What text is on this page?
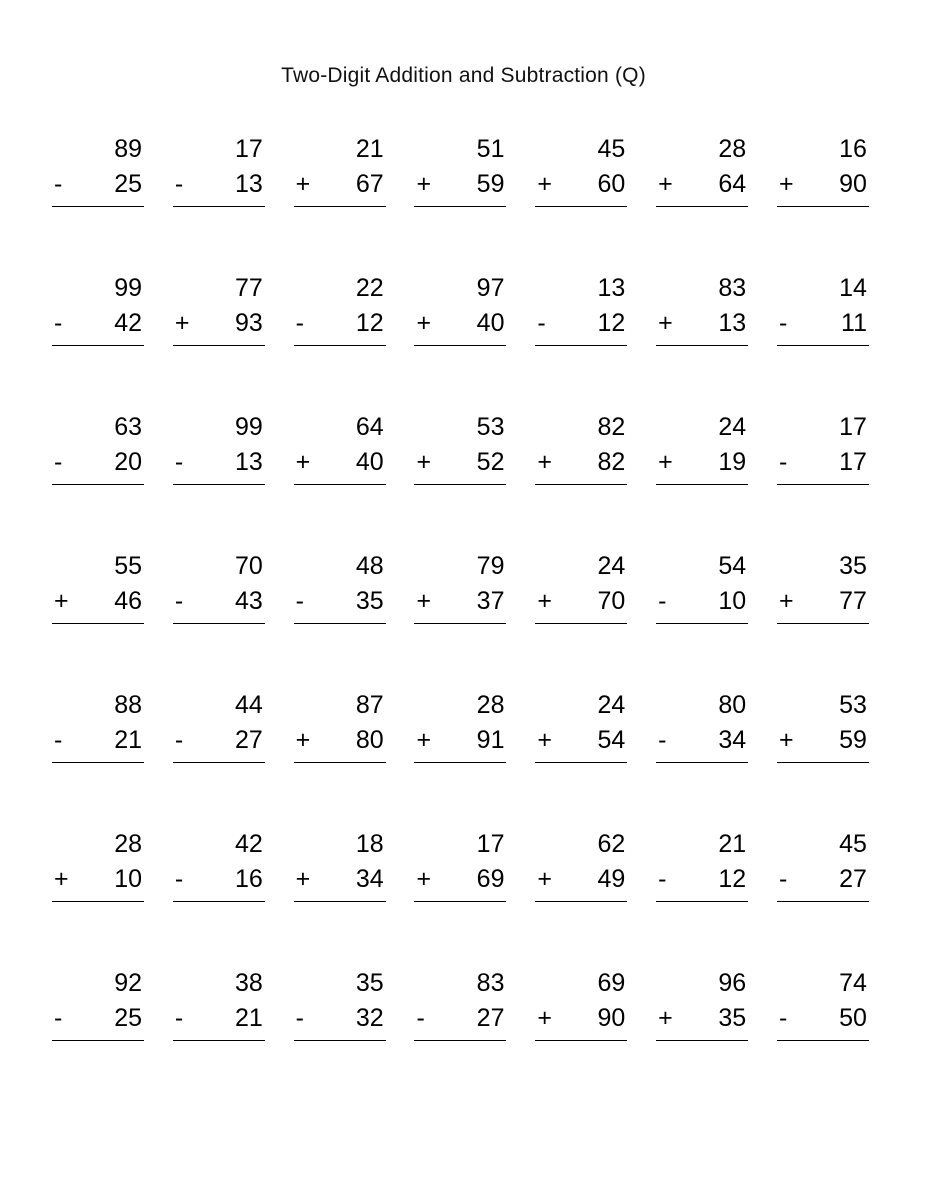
Two-Digit Addition and Subtraction (Q)
89
-	25
17
-	13
21
+	67
51
+	59
45
+	60
28
+	64
16
+	90
99
-	42
77
+	93
22
-	12
97
+	40
13
-	12
83
+	13
14
-	11
63
-	20
99
-	13
64
+	40
53
+	52
82
+	82
24
+	19
17
-	17
55
+	46
70
-	43
48
-	35
79
+	37
24
+	70
54
-	10
35
+	77
88
-	21
44
-	27
87
+	80
28
+	91
24
+	54
80
-	34
53
+	59
28
+	10
42
-	16
18
+	34
17
+	69
62
+	49
21
-	12
45
-	27
92
-	25
38
-	21
35
-	32
83
-	27
69
+	90
96
+	35
74
-	50
